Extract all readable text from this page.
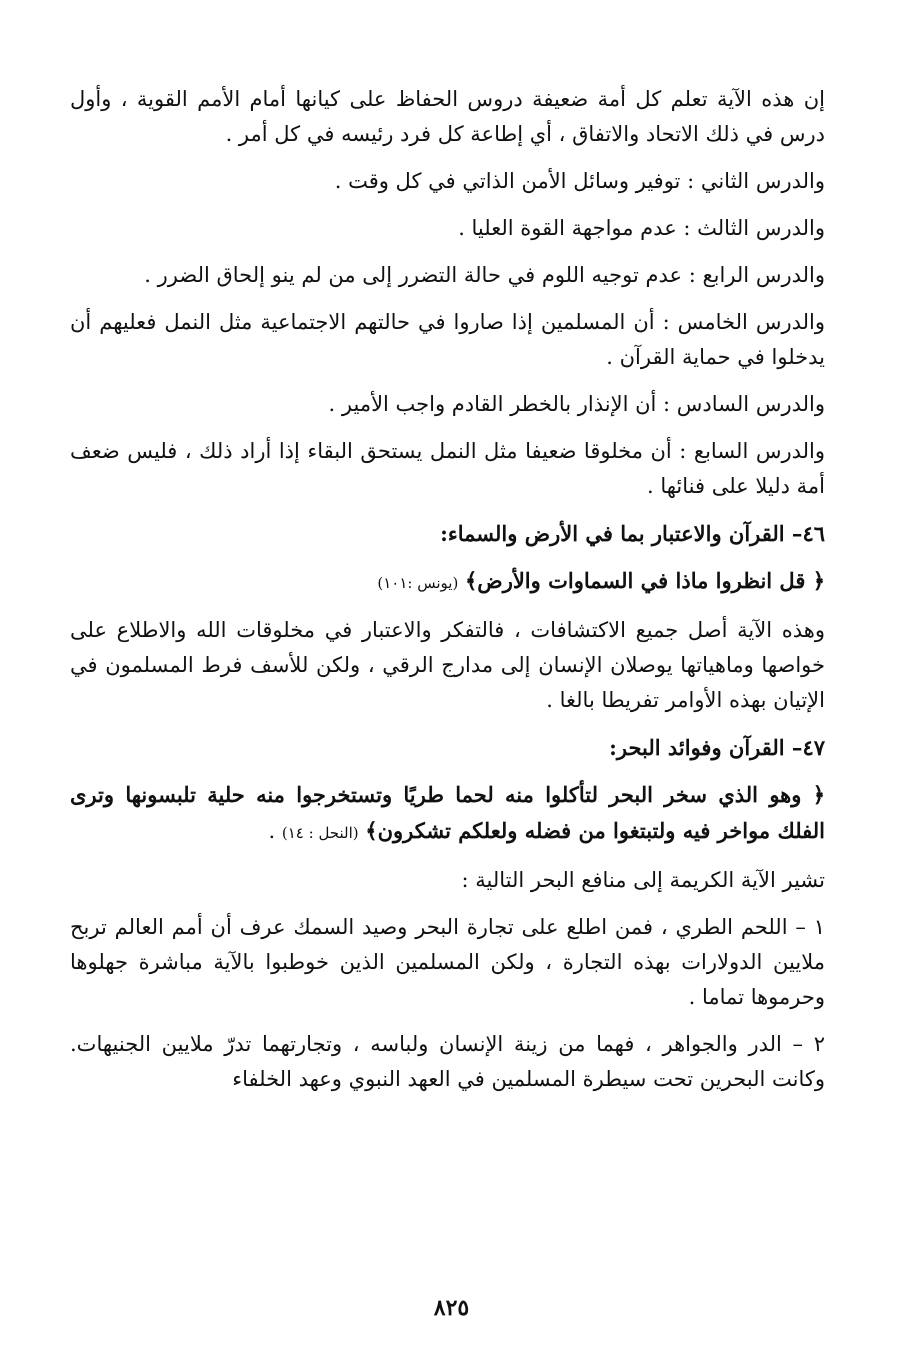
إن هذه الآية تعلم كل أمة ضعيفة دروس الحفاظ على كيانها أمام الأمم القوية ، وأول درس في ذلك الاتحاد والاتفاق ، أي إطاعة كل فرد رئيسه في كل أمر .

والدرس الثاني : توفير وسائل الأمن الذاتي في كل وقت .

والدرس الثالث : عدم مواجهة القوة العليا .

والدرس الرابع : عدم توجيه اللوم في حالة التضرر إلى من لم ينو إلحاق الضرر .

والدرس الخامس : أن المسلمين إذا صاروا في حالتهم الاجتماعية مثل النمل فعليهم أن يدخلوا في حماية القرآن .

والدرس السادس : أن الإنذار بالخطر القادم واجب الأمير .

والدرس السابع : أن مخلوقا ضعيفا مثل النمل يستحق البقاء إذا أراد ذلك ، فليس ضعف أمة دليلا على فنائها .

٤٦– القرآن والاعتبار بما في الأرض والسماء:

﴿ قل انظروا ماذا في السماوات والأرض﴾ (يونس :١٠١)

وهذه الآية أصل جميع الاكتشافات ، فالتفكر والاعتبار في مخلوقات الله والاطلاع على خواصها وماهياتها يوصلان الإنسان إلى مدارج الرقي ، ولكن للأسف فرط المسلمون في الإتيان بهذه الأوامر تفريطا بالغا .

٤٧– القرآن وفوائد البحر:

﴿ وهو الذي سخر البحر لتأكلوا منه لحما طريًا وتستخرجوا منه حلية تلبسونها وترى الفلك مواخر فيه ولتبتغوا من فضله ولعلكم تشكرون﴾ (النحل : ١٤) .

تشير الآية الكريمة إلى منافع البحر التالية :

١ – اللحم الطري ، فمن اطلع على تجارة البحر وصيد السمك عرف أن أمم العالم تربح ملايين الدولارات بهذه التجارة ، ولكن المسلمين الذين خوطبوا بالآية مباشرة جهلوها وحرموها تماما .

٢ – الدر والجواهر ، فهما من زينة الإنسان ولباسه ، وتجارتهما تدرّ ملايين الجنيهات. وكانت البحرين تحت سيطرة المسلمين في العهد النبوي وعهد الخلفاء

٨٢٥
